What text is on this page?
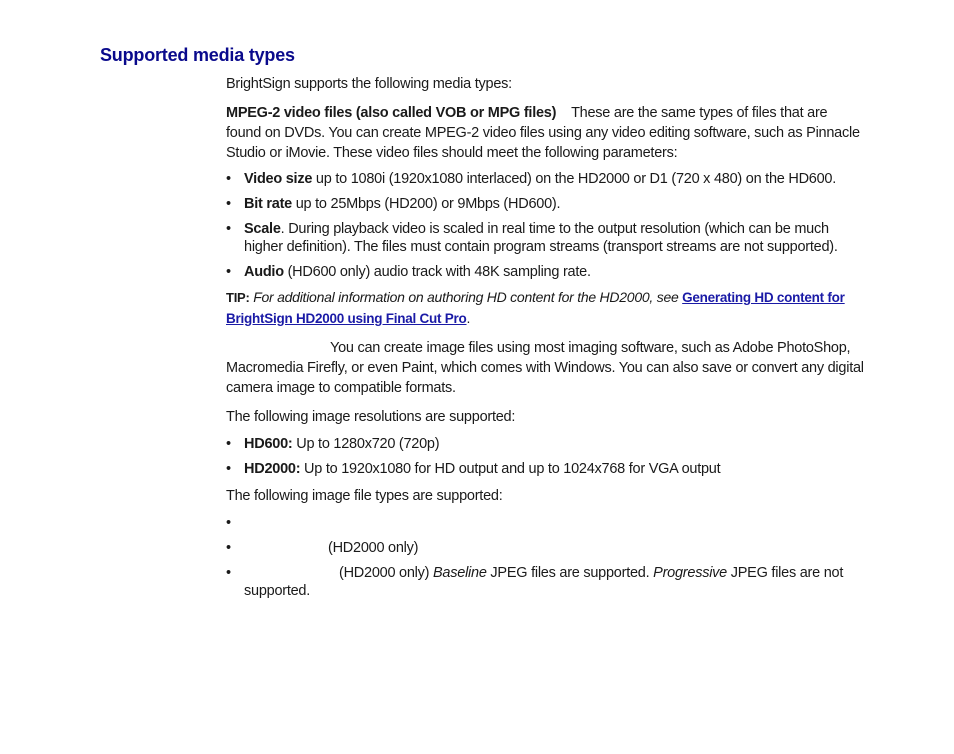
Supported media types

BrightSign supports the following media types:

MPEG-2 video files (also called VOB or MPG files) These are the same types of files that are found on DVDs. You can create MPEG-2 video files using any video editing software, such as Pinnacle Studio or iMovie. These video files should meet the following parameters:

• Video size up to 1080i (1920x1080 interlaced) on the HD2000 or D1 (720 x 480) on the HD600.
• Bit rate up to 25Mbps (HD200) or 9Mbps (HD600).
• Scale. During playback video is scaled in real time to the output resolution (which can be much higher definition). The files must contain program streams (transport streams are not supported).
• Audio (HD600 only) audio track with 48K sampling rate.

TIP: For additional information on authoring HD content for the HD2000, see Generating HD content for BrightSign HD2000 using Final Cut Pro.

You can create image files using most imaging software, such as Adobe PhotoShop, Macromedia Firefly, or even Paint, which comes with Windows. You can also save or convert any digital camera image to compatible formats.

The following image resolutions are supported:

• HD600: Up to 1280x720 (720p)
• HD2000: Up to 1920x1080 for HD output and up to 1024x768 for VGA output

The following image file types are supported:

•
• (HD2000 only)
• (HD2000 only) Baseline JPEG files are supported. Progressive JPEG files are not supported.
